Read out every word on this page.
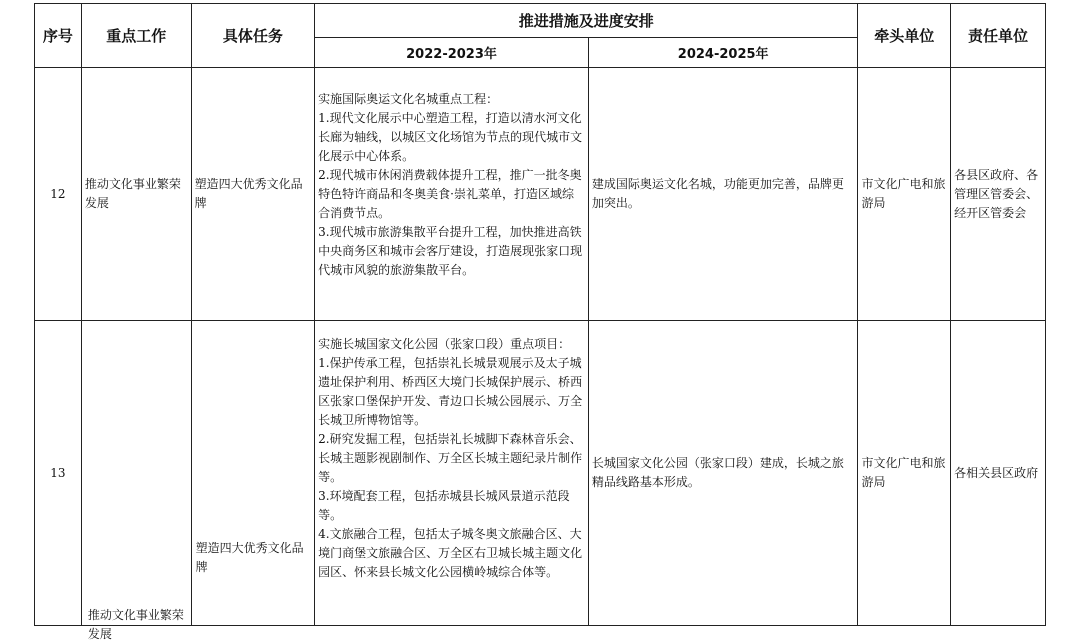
序号	重点工作	具体任务	推进措施及进度安排		牵头单位	责任单位
			2022-2023年	2024-2025年		
12	推动文化事业繁荣发展	塑造四大优秀文化品牌	实施国际奥运文化名城重点工程：
1.现代文化展示中心塑造工程，打造以清水河文化长廊为轴线，以城区文化场馆为节点的现代城市文化展示中心体系。
2.现代城市休闲消费载体提升工程，推广一批冬奥特色特许商品和冬奥美食·崇礼菜单，打造区域综合消费节点。
3.现代城市旅游集散平台提升工程，加快推进高铁中央商务区和城市会客厅建设，打造展现张家口现代城市风貌的旅游集散平台。	建成国际奥运文化名城，功能更加完善，品牌更加突出。	市文化广电和旅游局	各县区政府、各管理区管委会、经开区管委会
13	推动文化事业繁荣发展	塑造四大优秀文化品牌	实施长城国家文化公园（张家口段）重点项目：
1.保护传承工程，包括崇礼长城景观展示及太子城遗址保护利用、桥西区大境门长城保护展示、桥西区张家口堡保护开发、青边口长城公园展示、万全长城卫所博物馆等。
2.研究发掘工程，包括崇礼长城脚下森林音乐会、长城主题影视剧制作、万全区长城主题纪录片制作等。
3.环境配套工程，包括赤城县长城风景道示范段等。
4.文旅融合工程，包括太子城冬奥文旅融合区、大境门商堡文旅融合区、万全区右卫城长城主题文化园区、怀来县长城文化公园横岭城综合体等。	长城国家文化公园（张家口段）建成，长城之旅精品线路基本形成。	市文化广电和旅游局	各相关县区政府
